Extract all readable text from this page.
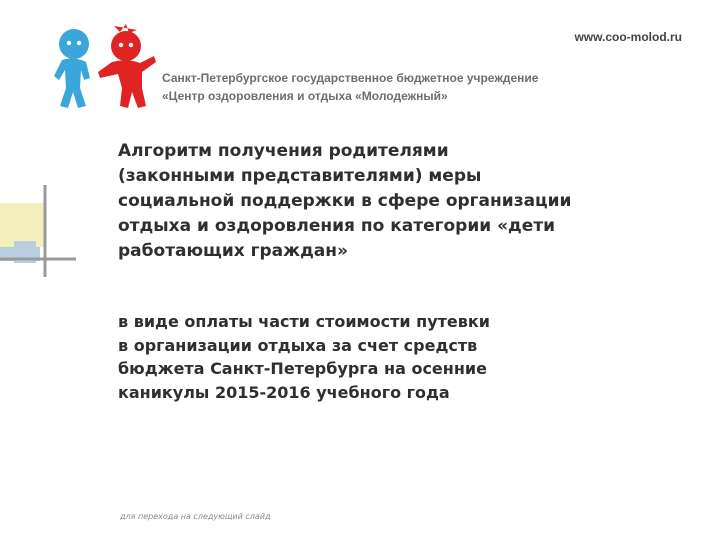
www.coo-molod.ru
Санкт-Петербургское государственное бюджетное учреждение
«Центр оздоровления и отдыха «Молодежный»
Алгоритм получения родителями
(законными представителями) меры
социальной поддержки в сфере организации
отдыха и оздоровления по категории «дети
работающих граждан»
в виде оплаты части стоимости путевки
в организации отдыха за счет средств
бюджета Санкт-Петербурга на осенние
каникулы 2015-2016 учебного года
для перехода на следующий слайд
